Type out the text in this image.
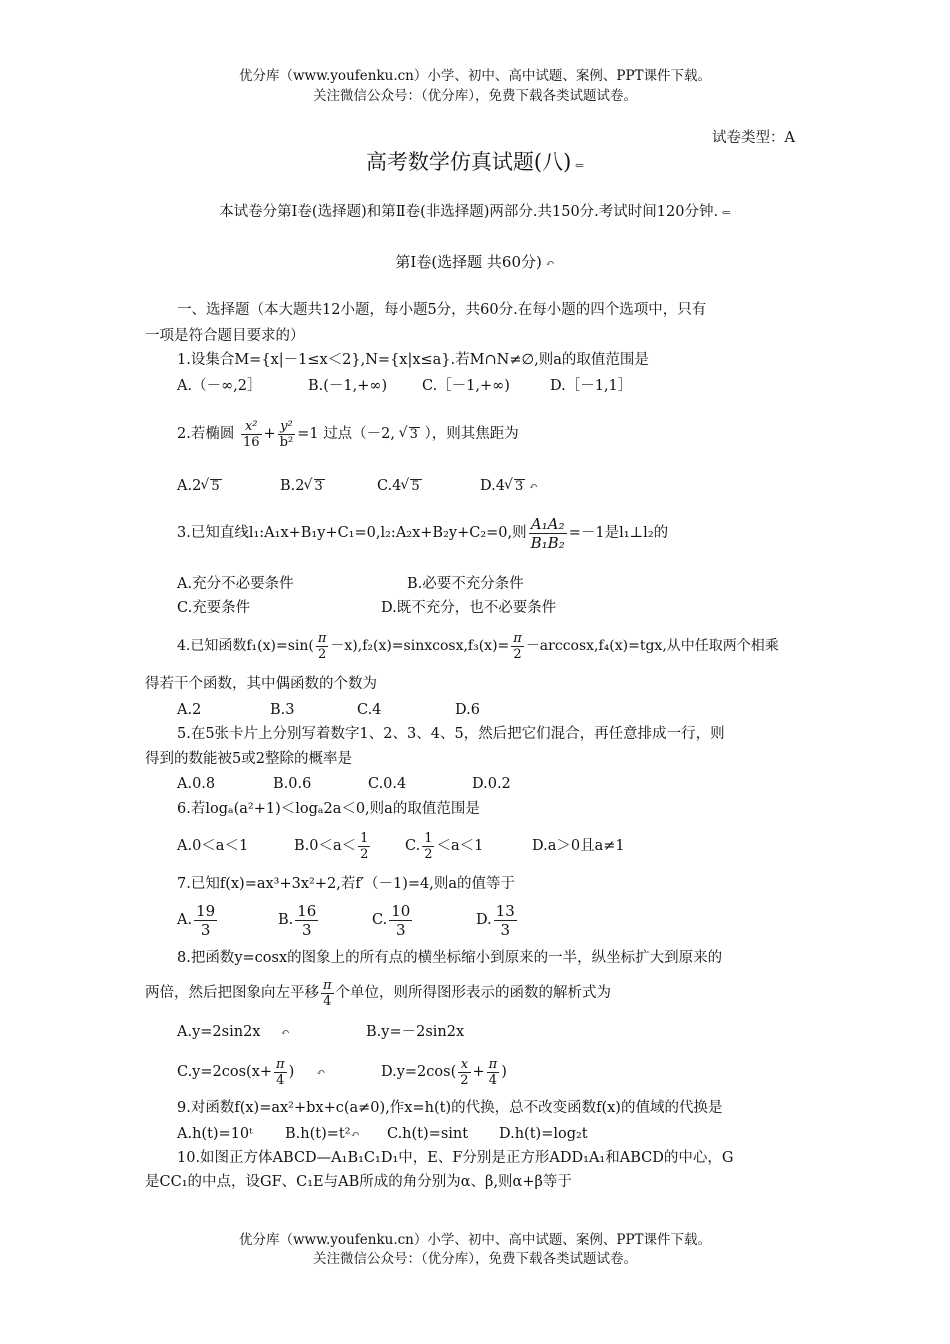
优分库（www.youfenku.cn）小学、初中、高中试题、案例、PPT课件下载。
关注微信公众号：（优分库），免费下载各类试题试卷。
试卷类型：A
高考数学仿真试题(八) ⇐
本试卷分第Ⅰ卷(选择题)和第Ⅱ卷(非选择题)两部分.共150分.考试时间120分钟. ⇐
第Ⅰ卷(选择题 共60分) ↶
一、选择题（本大题共12小题，每小题5分，共60分.在每小题的四个选项中，只有
一项是符合题目要求的）
1.设集合M={x|－1≤x＜2},N={x|x≤a}.若M∩N≠∅,则a的取值范围是
A.（－∞,2］	B.(－1,+∞) C.［－1,+∞)	D.［－1,1］
2.若椭圆 $\frac{\text{x²}}{16} + \frac{\text{y²}}{\text{b²}} =1$ 过点（－2, √ 3 ），则其焦距为
A.2 √ 5	B.2 √ 3	C.4 √ 5	D.4 √ 3 ↶
3.已知直线l₁:A₁x+B₁y+C₁=0,l₂:A₂x+B₂y+C₂=0,则 $\frac{\text{A₁A₂}}{\text{B₁B₂}} =-1$是l₁⊥l₂的
A.充分不必要条件	B.必要不充分条件
C.充要条件	D.既不充分，也不必要条件
4.已知函数$f_1(x)=\sin( \frac{\pi}{2}$ －x),f₂(x)=sinxcosx,f₃(x)= $\frac{\pi}{2} -\arccos x,f_4(x)=tgx$,从中任取两个相乘
得若干个函数，其中偶函数的个数为
A.2	B.3	C.4	D.6
5.在5张卡片上分别写着数字1、2、3、4、5，然后把它们混合，再任意排成一行，则
得到的数能被5或2整除的概率是
A.0.8	B.0.6	C.0.4	D.0.2
6.若logₐ(a²+1)＜logₐ2a＜0,则a的取值范围是
A.0＜a＜1	$B.0<a< \frac{1}{2} C$. $\frac{1}{2} <a<1$	D.a＞0且a≠1
7.已知f(x)=ax³+3x²+2,若f′（－1)=4,则a的值等于
A. $\frac{19}{3}$	B. $\frac{16}{3}$	C. $\frac{10}{3}$	D. $\frac{13}{3}$
8.把函数y=cosx的图象上的所有点的横坐标缩小到原来的一半，纵坐标扩大到原来的
两倍，然后把图象向左平移 $\frac{\pi}{4}$ 个单位，则所得图形表示的函数的解析式为
A.y=2sin2x ↶	B.y=－2sin2x
$C.y=2\cos(x+ \frac{\pi}{4}$ ) ↶	$D.y=2\cos( \frac{x}{2} + \frac{\pi}{4}$ )
9.对函数f(x)=ax²+bx+c(a≠0),作x=h(t)的代换，总不改变函数f(x)的值域的代换是
A.h(t)=10ᵗ B.h(t)=t²↶ C.h(t)=sint D.h(t)=log₂t
10.如图正方体ABCD—A₁B₁C₁D₁中，E、F分别是正方形ADD₁A₁和ABCD的中心，G
是CC₁的中点，设GF、C₁E与AB所成的角分别为α、β,则α+β等于
优分库（www.youfenku.cn）小学、初中、高中试题、案例、PPT课件下载。
关注微信公众号：（优分库），免费下载各类试题试卷。
